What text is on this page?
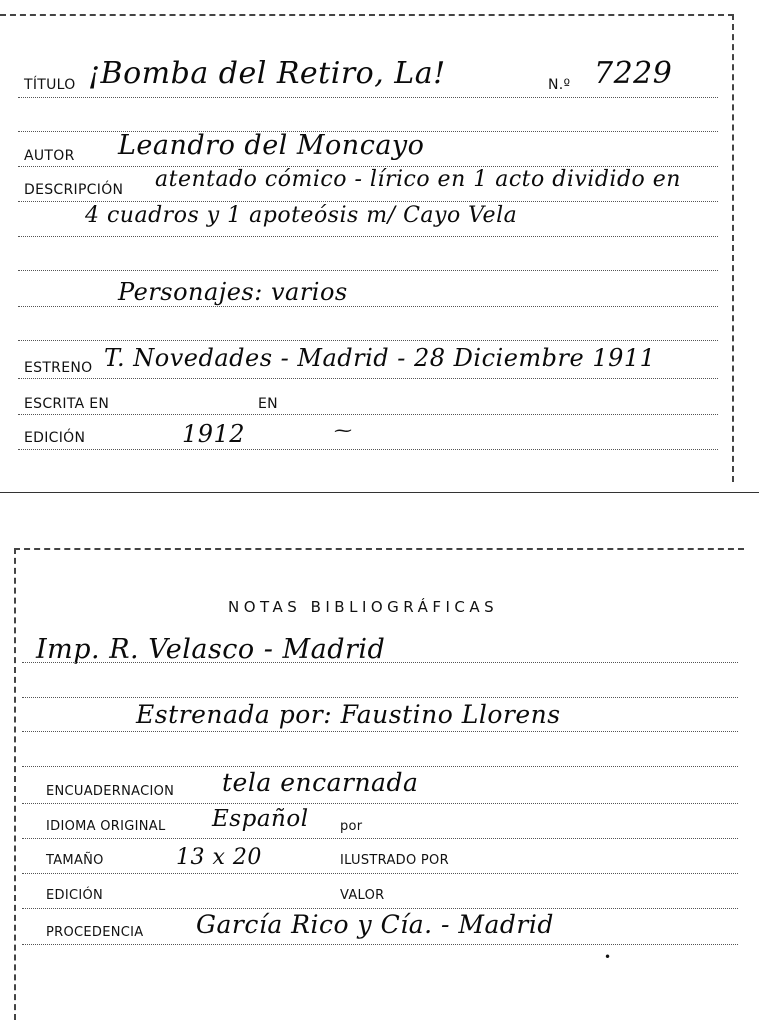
TÍTULO ¡Bomba del Retiro, La!	N.º 7229
AUTOR Leandro del Moncayo
DESCRIPCIÓN atentado cómico - lírico en 1 acto dividido en
4 cuadros y 1 apoteósis m/ Cayo Vela
Personajes: varios
ESTRENO T. Novedades - Madrid - 28 Diciembre 1911
ESCRITA EN	EN
EDICIÓN	1912	⁓
NOTAS BIBLIOGRÁFICAS
Imp. R. Velasco - Madrid
Estrenada por: Faustino Llorens
ENCUADERNACION tela encarnada
IDIOMA ORIGINAL Español por
TAMAÑO	13 x 20	ILUSTRADO POR
EDICIÓN	VALOR
PROCEDENCIA García Rico y Cía. - Madrid
•
